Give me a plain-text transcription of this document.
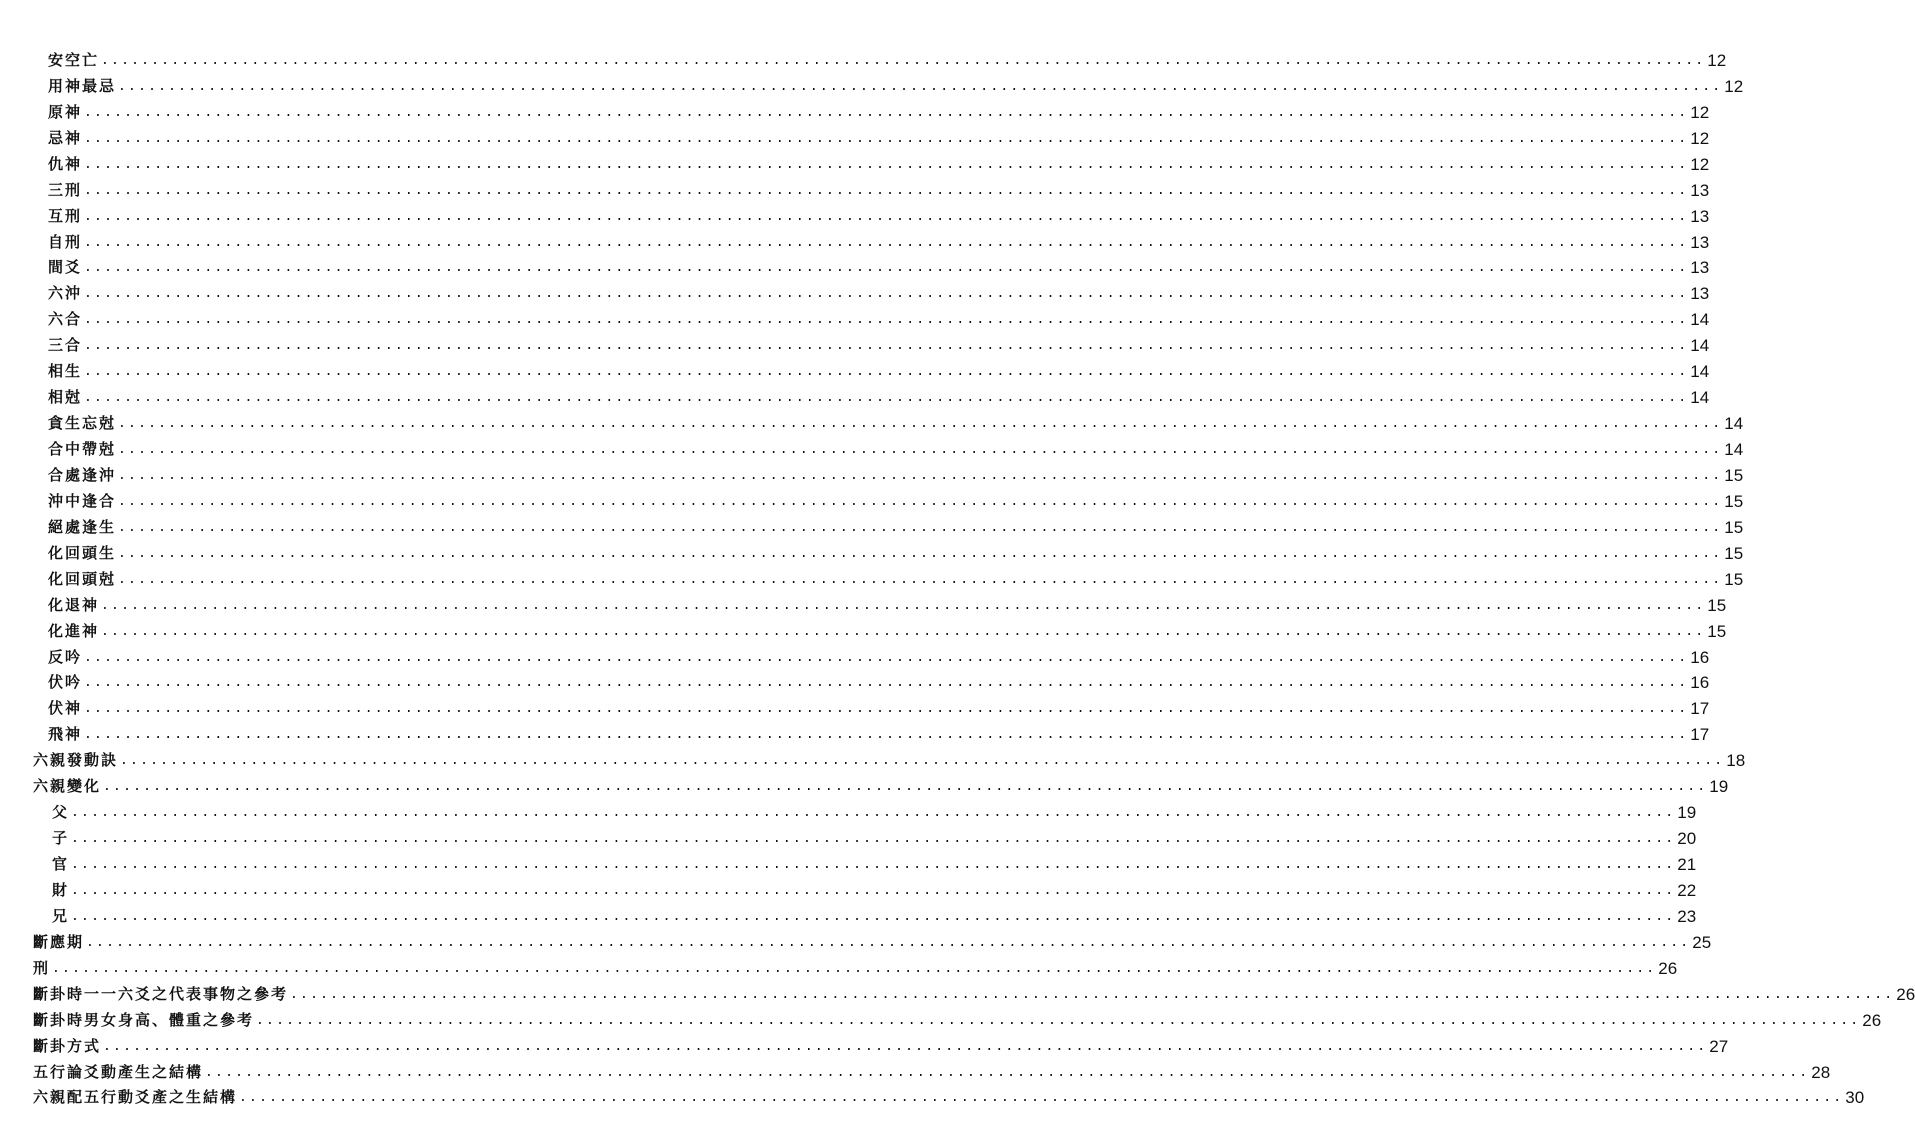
安空亡 ................................................................................................................................................................ 12
用神最忌 ................................................................................................................................................................ 12
原神 ................................................................................................................................................................ 12
忌神 ................................................................................................................................................................ 12
仇神 ................................................................................................................................................................ 12
三刑 ................................................................................................................................................................ 13
互刑 ................................................................................................................................................................ 13
自刑 ................................................................................................................................................................ 13
間爻 ................................................................................................................................................................ 13
六沖 ................................................................................................................................................................ 13
六合 ................................................................................................................................................................ 14
三合 ................................................................................................................................................................ 14
相生 ................................................................................................................................................................ 14
相尅 ................................................................................................................................................................ 14
貪生忘尅 ................................................................................................................................................................ 14
合中帶尅 ................................................................................................................................................................ 14
合處逢沖 ................................................................................................................................................................ 15
沖中逢合 ................................................................................................................................................................ 15
絕處逢生 ................................................................................................................................................................ 15
化回頭生 ................................................................................................................................................................ 15
化回頭尅 ................................................................................................................................................................ 15
化退神 ................................................................................................................................................................ 15
化進神 ................................................................................................................................................................ 15
反吟 ................................................................................................................................................................ 16
伏吟 ................................................................................................................................................................ 16
伏神 ................................................................................................................................................................ 17
飛神 ................................................................................................................................................................ 17
六親發動訣 ................................................................................................................................................................ 18
六親變化 ................................................................................................................................................................ 19
父 ................................................................................................................................................................ 19
子 ................................................................................................................................................................ 20
官 ................................................................................................................................................................ 21
財 ................................................................................................................................................................ 22
兄 ................................................................................................................................................................ 23
斷應期 ................................................................................................................................................................ 25
刑 ................................................................................................................................................................ 26
斷卦時一一六爻之代表事物之參考 ................................................................................................................................................................ 26
斷卦時男女身高、體重之參考 ................................................................................................................................................................ 26
斷卦方式 ................................................................................................................................................................ 27
五行論爻動產生之結構 ................................................................................................................................................................ 28
六親配五行動爻產之生結構 ................................................................................................................................................................ 30
